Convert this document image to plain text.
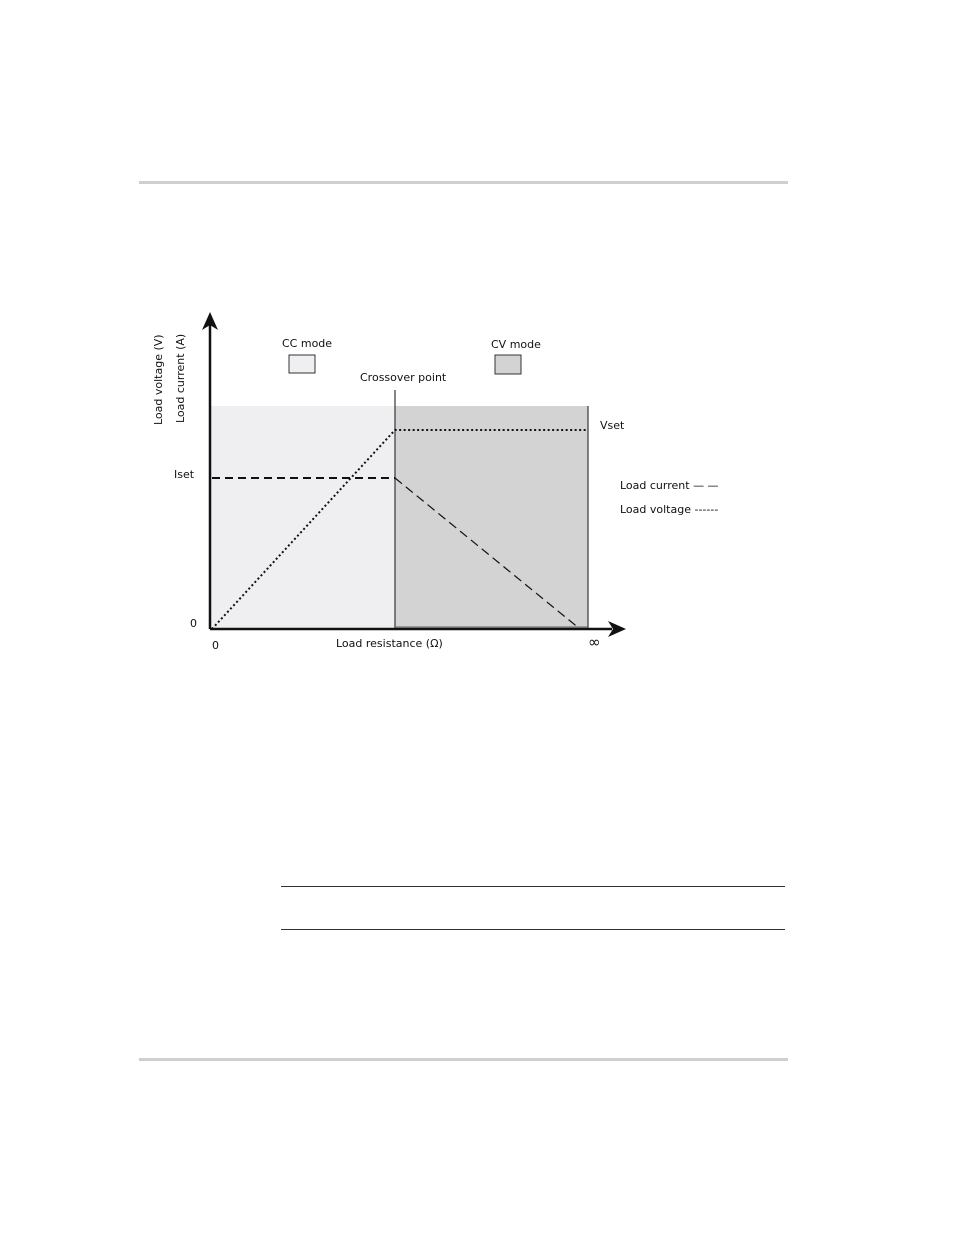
CC mode	CV mode
Crossover point
Vset
Iset
0
0	Load resistance (Ω)	∞
Load current — —
Load voltage ------
Load voltage (V) Load current (A)
